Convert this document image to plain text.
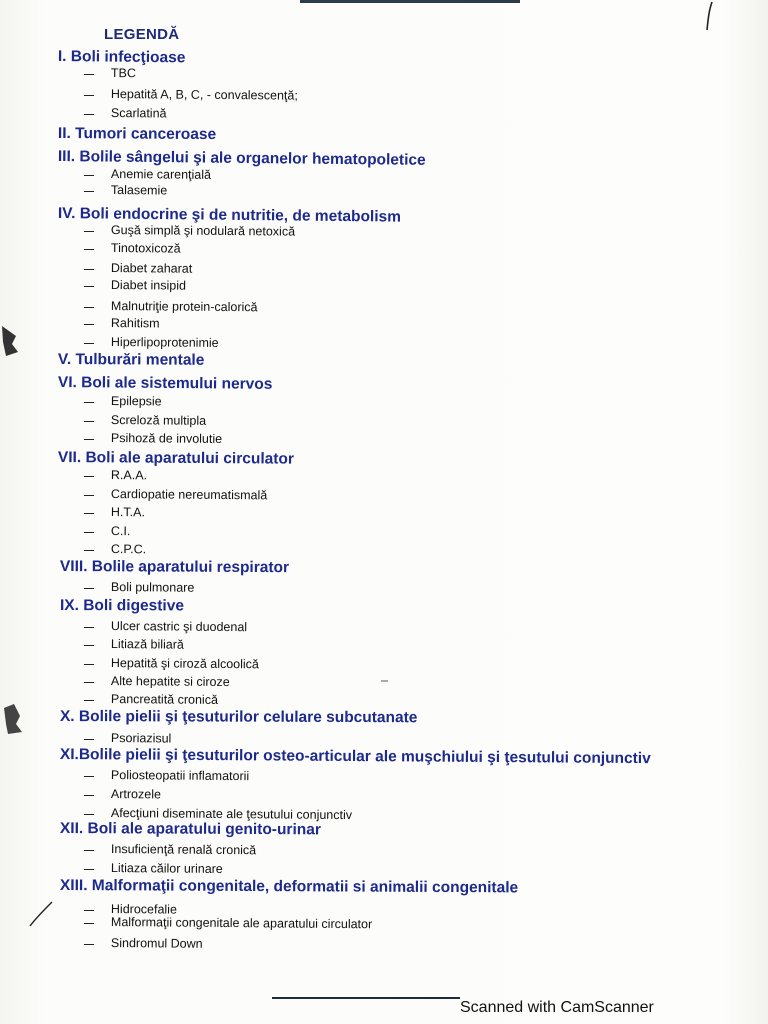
LEGENDĂ
I. Boli infecţioase
TBC
Hepatită A, B, C, - convalescenţă;
Scarlatină
II. Tumori canceroase
III. Bolile sângelui şi ale organelor hematopoletice
Anemie carenţială
Talasemie
IV. Boli endocrine şi de nutritie, de metabolism
Guşă simplă şi nodulară netoxică
Tinotoxicoză
Diabet zaharat
Diabet insipid
Malnutriţie protein-calorică
Rahitism
Hiperlipoprotenimie
V. Tulburări mentale
VI. Boli ale sistemului nervos
Epilepsie
Screloză multipla
Psihoză de involutie
VII. Boli ale aparatului circulator
R.A.A.
Cardiopatie nereumatismală
H.T.A.
C.I.
C.P.C.
VIII. Bolile aparatului respirator
Boli pulmonare
IX. Boli digestive
Ulcer castric şi duodenal
Litiază biliară
Hepatită şi ciroză alcoolică
Alte hepatite si ciroze
Pancreatită cronică
X. Bolile pielii şi ţesuturilor celulare subcutanate
Psoriazisul
XI.Bolile pielii şi ţesuturilor osteo-articular ale muşchiului şi ţesutului conjunctiv
Poliosteopatii inflamatorii
Artrozele
Afecţiuni diseminate ale ţesutului conjunctiv
XII. Boli ale aparatului genito-urinar
Insuficienţă renală cronică
Litiaza căilor urinare
XIII. Malformaţii congenitale, deformatii si animalii congenitale
Hidrocefalie
Malformaţii congenitale ale aparatului circulator
Sindromul Down
Scanned with CamScanner
